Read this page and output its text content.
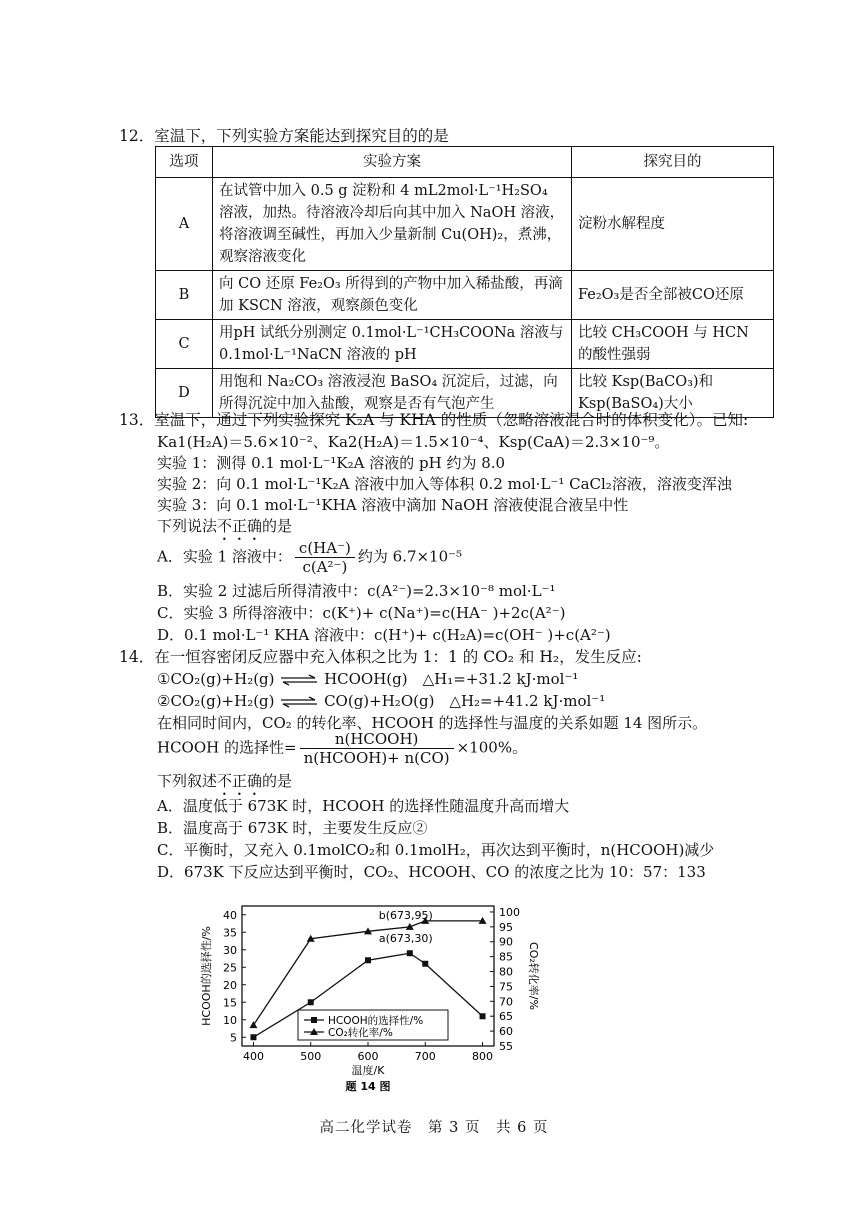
12．室温下，下列实验方案能达到探究目的的是
选项	实验方案	探究目的
A	在试管中加入 0.5 g 淀粉和 4 mL2mol·L⁻¹H₂SO₄ 溶液，加热。待溶液冷却后向其中加入 NaOH 溶液，将溶液调至碱性，再加入少量新制 Cu(OH)₂，煮沸，观察溶液变化	淀粉水解程度
B	向 CO 还原 Fe₂O₃ 所得到的产物中加入稀盐酸，再滴加 KSCN 溶液，观察颜色变化	Fe₂O₃是否全部被CO还原
C	用pH 试纸分别测定 0.1mol·L⁻¹CH₃COONa 溶液与 0.1mol·L⁻¹NaCN 溶液的 pH	比较 CH₃COOH 与 HCN 的酸性强弱
D	用饱和 Na₂CO₃ 溶液浸泡 BaSO₄ 沉淀后，过滤，向所得沉淀中加入盐酸，观察是否有气泡产生	比较 Ksp(BaCO₃)和 Ksp(BaSO₄)大小
13．室温下，通过下列实验探究 K₂A 与 KHA 的性质（忽略溶液混合时的体积变化）。已知:
Ka1(H₂A)＝5.6×10⁻²、Ka2(H₂A)＝1.5×10⁻⁴、Ksp(CaA)＝2.3×10⁻⁹。
实验 1：测得 0.1 mol·L⁻¹K₂A 溶液的 pH 约为 8.0
实验 2：向 0.1 mol·L⁻¹K₂A 溶液中加入等体积 0.2 mol·L⁻¹ CaCl₂溶液，溶液变浑浊
实验 3：向 0.1 mol·L⁻¹KHA 溶液中滴加 NaOH 溶液使混合液呈中性
下列说法不正确的是
A．实验 1 溶液中： $\frac{c(HA^-)}{\text{c(A²⁻)}}$ 约为 6.7×10⁻⁵
B．实验 2 过滤后所得清液中：c(A²⁻)=2.3×10⁻⁸ mol·L⁻¹
C．实验 3 所得溶液中：c(K⁺)+ c(Na⁺)=c(HA⁻ )+2c(A²⁻)
D．0.1 mol·L⁻¹ KHA 溶液中：c(H⁺)+ c(H₂A)=c(OH⁻ )+c(A²⁻)
14．在一恒容密闭反应器中充入体积之比为 1：1 的 CO₂ 和 H₂，发生反应:
①CO₂(g)+H₂(g) ⇌ HCOOH(g)　△H₁=+31.2 kJ·mol⁻¹
②CO₂(g)+H₂(g) ⇌ CO(g)+H₂O(g)　△H₂=+41.2 kJ·mol⁻¹
在相同时间内，CO₂ 的转化率、HCOOH 的选择性与温度的关系如题 14 图所示。
HCOOH 的选择性= $\frac{\text{n(HCOOH)}}{\text{n(HCOOH)+ n(CO)}} \times 100\%$。
下列叙述不正确的是
A．温度低于 673K 时，HCOOH 的选择性随温度升高而增大
B．温度高于 673K 时，主要发生反应②
C．平衡时，又充入 0.1molCO₂和 0.1molH₂，再次达到平衡时，n(HCOOH)减少
D．673K 下反应达到平衡时，CO₂、HCOOH、CO 的浓度之比为 10：57：133
400	500	600	700	800
5
10
15
20
25
30
35
40
55
60
65
70
75
80
85
90
95
100
温度/K
题 14 图
HCOOH的选择性/%	CO₂转化率/%
b(673,95)
a(673,30)
HCOOH的选择性/%
CO₂转化率/%
高二化学试卷　第 3 页　共 6 页
